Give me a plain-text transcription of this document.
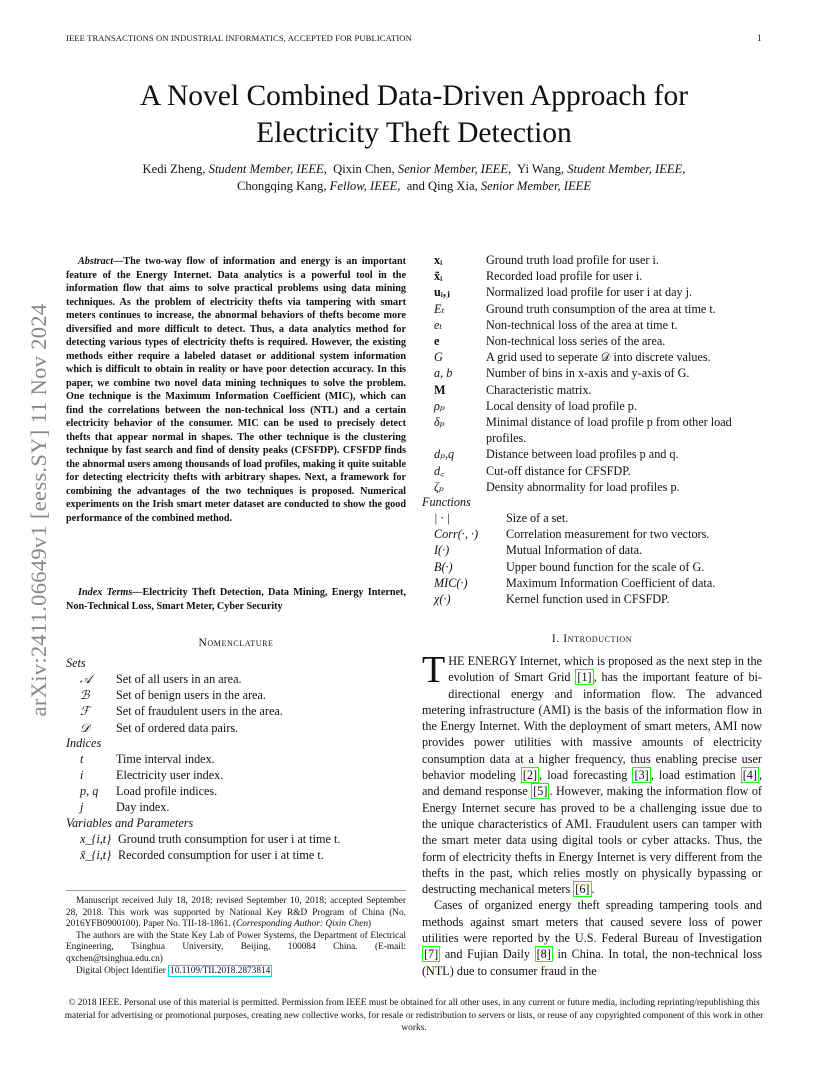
IEEE TRANSACTIONS ON INDUSTRIAL INFORMATICS, ACCEPTED FOR PUBLICATION	1
A Novel Combined Data-Driven Approach for
Electricity Theft Detection
Kedi Zheng, Student Member, IEEE, Qixin Chen, Senior Member, IEEE, Yi Wang, Student Member, IEEE,
Chongqing Kang, Fellow, IEEE, and Qing Xia, Senior Member, IEEE
arXiv:2411.06649v1 [eess.SY] 11 Nov 2024
Abstract—The two-way flow of information and energy is an important feature of the Energy Internet. Data analytics is a powerful tool in the information flow that aims to solve practical problems using data mining techniques. As the problem of electricity thefts via tampering with smart meters continues to increase, the abnormal behaviors of thefts become more diversified and more difficult to detect. Thus, a data analytics method for detecting various types of electricity thefts is required. However, the existing methods either require a labeled dataset or additional system information which is difficult to obtain in reality or have poor detection accuracy. In this paper, we combine two novel data mining techniques to solve the problem. One technique is the Maximum Information Coefficient (MIC), which can find the correlations between the non-technical loss (NTL) and a certain electricity behavior of the consumer. MIC can be used to precisely detect thefts that appear normal in shapes. The other technique is the clustering technique by fast search and find of density peaks (CFSFDP). CFSFDP finds the abnormal users among thousands of load profiles, making it quite suitable for detecting electricity thefts with arbitrary shapes. Next, a framework for combining the advantages of the two techniques is proposed. Numerical experiments on the Irish smart meter dataset are conducted to show the good performance of the combined method.
Index Terms—Electricity Theft Detection, Data Mining, Energy Internet, Non-Technical Loss, Smart Meter, Cyber Security
Nomenclature
Sets
𝒜	Set of all users in an area.
ℬ	Set of benign users in the area.
ℱ	Set of fraudulent users in the area.
𝒟	Set of ordered data pairs.
Indices
t	Time interval index.
i	Electricity user index.
p, q	Load profile indices.
j	Day index.
Variables and Parameters
x_{i,t} Ground truth consumption for user i at time t.
x̃_{i,t} Recorded consumption for user i at time t.

Manuscript received July 18, 2018; revised September 10, 2018; accepted September 28, 2018. This work was supported by National Key R&D Program of China (No. 2016YFB0900100). Paper No. TII-18-1861. (Corresponding Author: Qixin Chen)

The authors are with the State Key Lab of Power Systems, the Department of Electrical Engineering, Tsinghua University, Beijing, 100084 China. (E-mail: qxchen@tsinghua.edu.cn)

Digital Object Identifier 10.1109/TII.2018.2873814

xᵢ	Ground truth load profile for user i.
x̃ᵢ	Recorded load profile for user i.
uᵢ,ⱼ	Normalized load profile for user i at day j.
Eₜ	Ground truth consumption of the area at time t.
eₜ	Non-technical loss of the area at time t.
e	Non-technical loss series of the area.
G	A grid used to seperate 𝒟 into discrete values.
a, b	Number of bins in x-axis and y-axis of G.
M	Characteristic matrix.
ρₚ	Local density of load profile p.
δₚ	Minimal distance of load profile p from other load profiles.
dₚ,q	Distance between load profiles p and q.
d꜀	Cut-off distance for CFSFDP.
ζₚ	Density abnormality for load profiles p.
Functions
| · |	Size of a set.
Corr(·, ·)	Correlation measurement for two vectors.
I(·)	Mutual Information of data.
B(·)	Upper bound function for the scale of G.
MIC(·)	Maximum Information Coefficient of data.
χ(·)	Kernel function used in CFSFDP.
I. Introduction
THE ENERGY Internet, which is proposed as the next step in the evolution of Smart Grid [1] , has the important feature of bi-directional energy and information flow. The advanced metering infrastructure (AMI) is the basis of the information flow in the Energy Internet. With the deployment of smart meters, AMI now provides power utilities with massive amounts of electricity consumption data at a higher frequency, thus enabling precise user behavior modeling [2] , load forecasting [3] , load estimation [4] , and demand response [5] . However, making the information flow of Energy Internet secure has proved to be a challenging issue due to the unique characteristics of AMI. Fraudulent users can tamper with the smart meter data using digital tools or cyber attacks. Thus, the form of electricity thefts in Energy Internet is very different from the thefts in the past, which relies mostly on physically bypassing or destructing mechanical meters [6] .
Cases of organized energy theft spreading tampering tools and methods against smart meters that caused severe loss of power utilities were reported by the U.S. Federal Bureau of Investigation [7] and Fujian Daily [8] in China. In total, the non-technical loss (NTL) due to consumer fraud in the
© 2018 IEEE. Personal use of this material is permitted. Permission from IEEE must be obtained for all other uses, in any current or future media, including reprinting/republishing this material for advertising or promotional purposes, creating new collective works, for resale or redistribution to servers or lists, or reuse of any copyrighted component of this work in other works.
